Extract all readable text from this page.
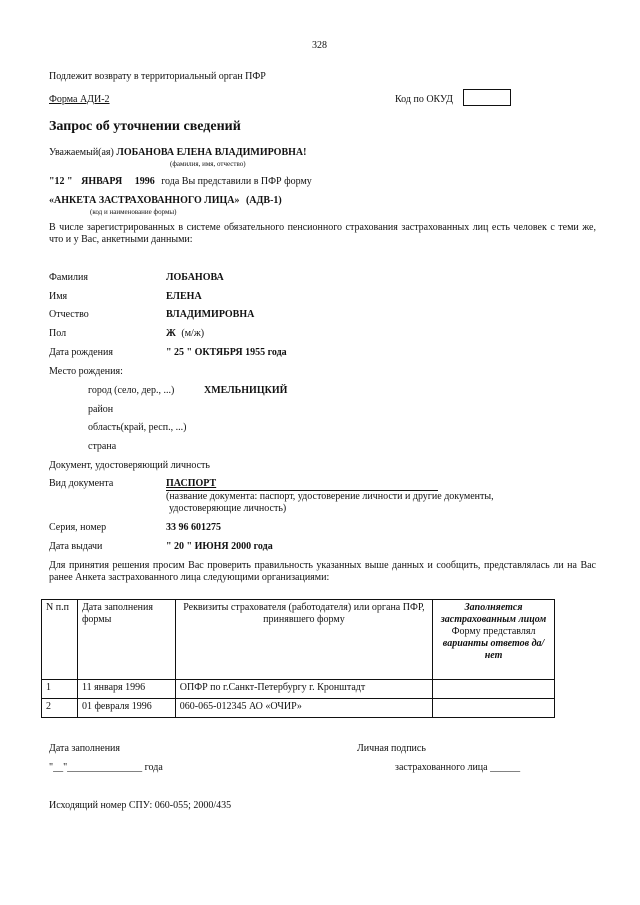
328
Подлежит возврату в территориальный орган ПФР
Форма АДИ-2	Код по ОКУД
Запрос об уточнении сведений
Уважаемый(ая) ЛОБАНОВА ЕЛЕНА ВЛАДИМИРОВНА!
(фамилия, имя, отчество)
"12 " ЯНВАРЯ 1996 года Вы представили в ПФР форму
«АНКЕТА ЗАСТРАХОВАННОГО ЛИЦА» (АДВ-1)
(код и наименование формы)
В числе зарегистрированных в системе обязательного пенсионного страхования застрахованных лиц есть человек с теми же, что и у Вас, анкетными данными:
Фамилия	ЛОБАНОВА
Имя	ЕЛЕНА
Отчество	ВЛАДИМИРОВНА
Пол	Ж (м/ж)
Дата рождения	" 25 " ОКТЯБРЯ 1955 года
Место рождения:
город (село, дер., ...)	ХМЕЛЬНИЦКИЙ
район
область(край, респ., ...)
страна
Документ, удостоверяющий личность
Вид документа	ПАСПОРТ
(название документа: паспорт, удостоверение личности и другие документы,
удостоверяющие личность)
Серия, номер	33 96 601275
Дата выдачи	" 20 " ИЮНЯ 2000 года
Для принятия решения просим Вас проверить правильность указанных выше данных и сообщить, представлялась ли на Вас ранее Анкета застрахованного лица следующими организациями:
N п.п	Дата заполнения формы	Реквизиты страхователя (работодателя) или органа ПФР, принявшего форму	Заполняется застрахованным лицом
Форму представлял
варианты ответов да/нет

1	11 января 1996	ОПФР по г.Санкт-Петербургу г. Кронштадт	
2	01 февраля 1996	060-065-012345 АО «ОЧИР»	
Дата заполнения
"__"_______________ года
Личная подпись
застрахованного лица ______
Исходящий номер СПУ: 060-055; 2000/435
